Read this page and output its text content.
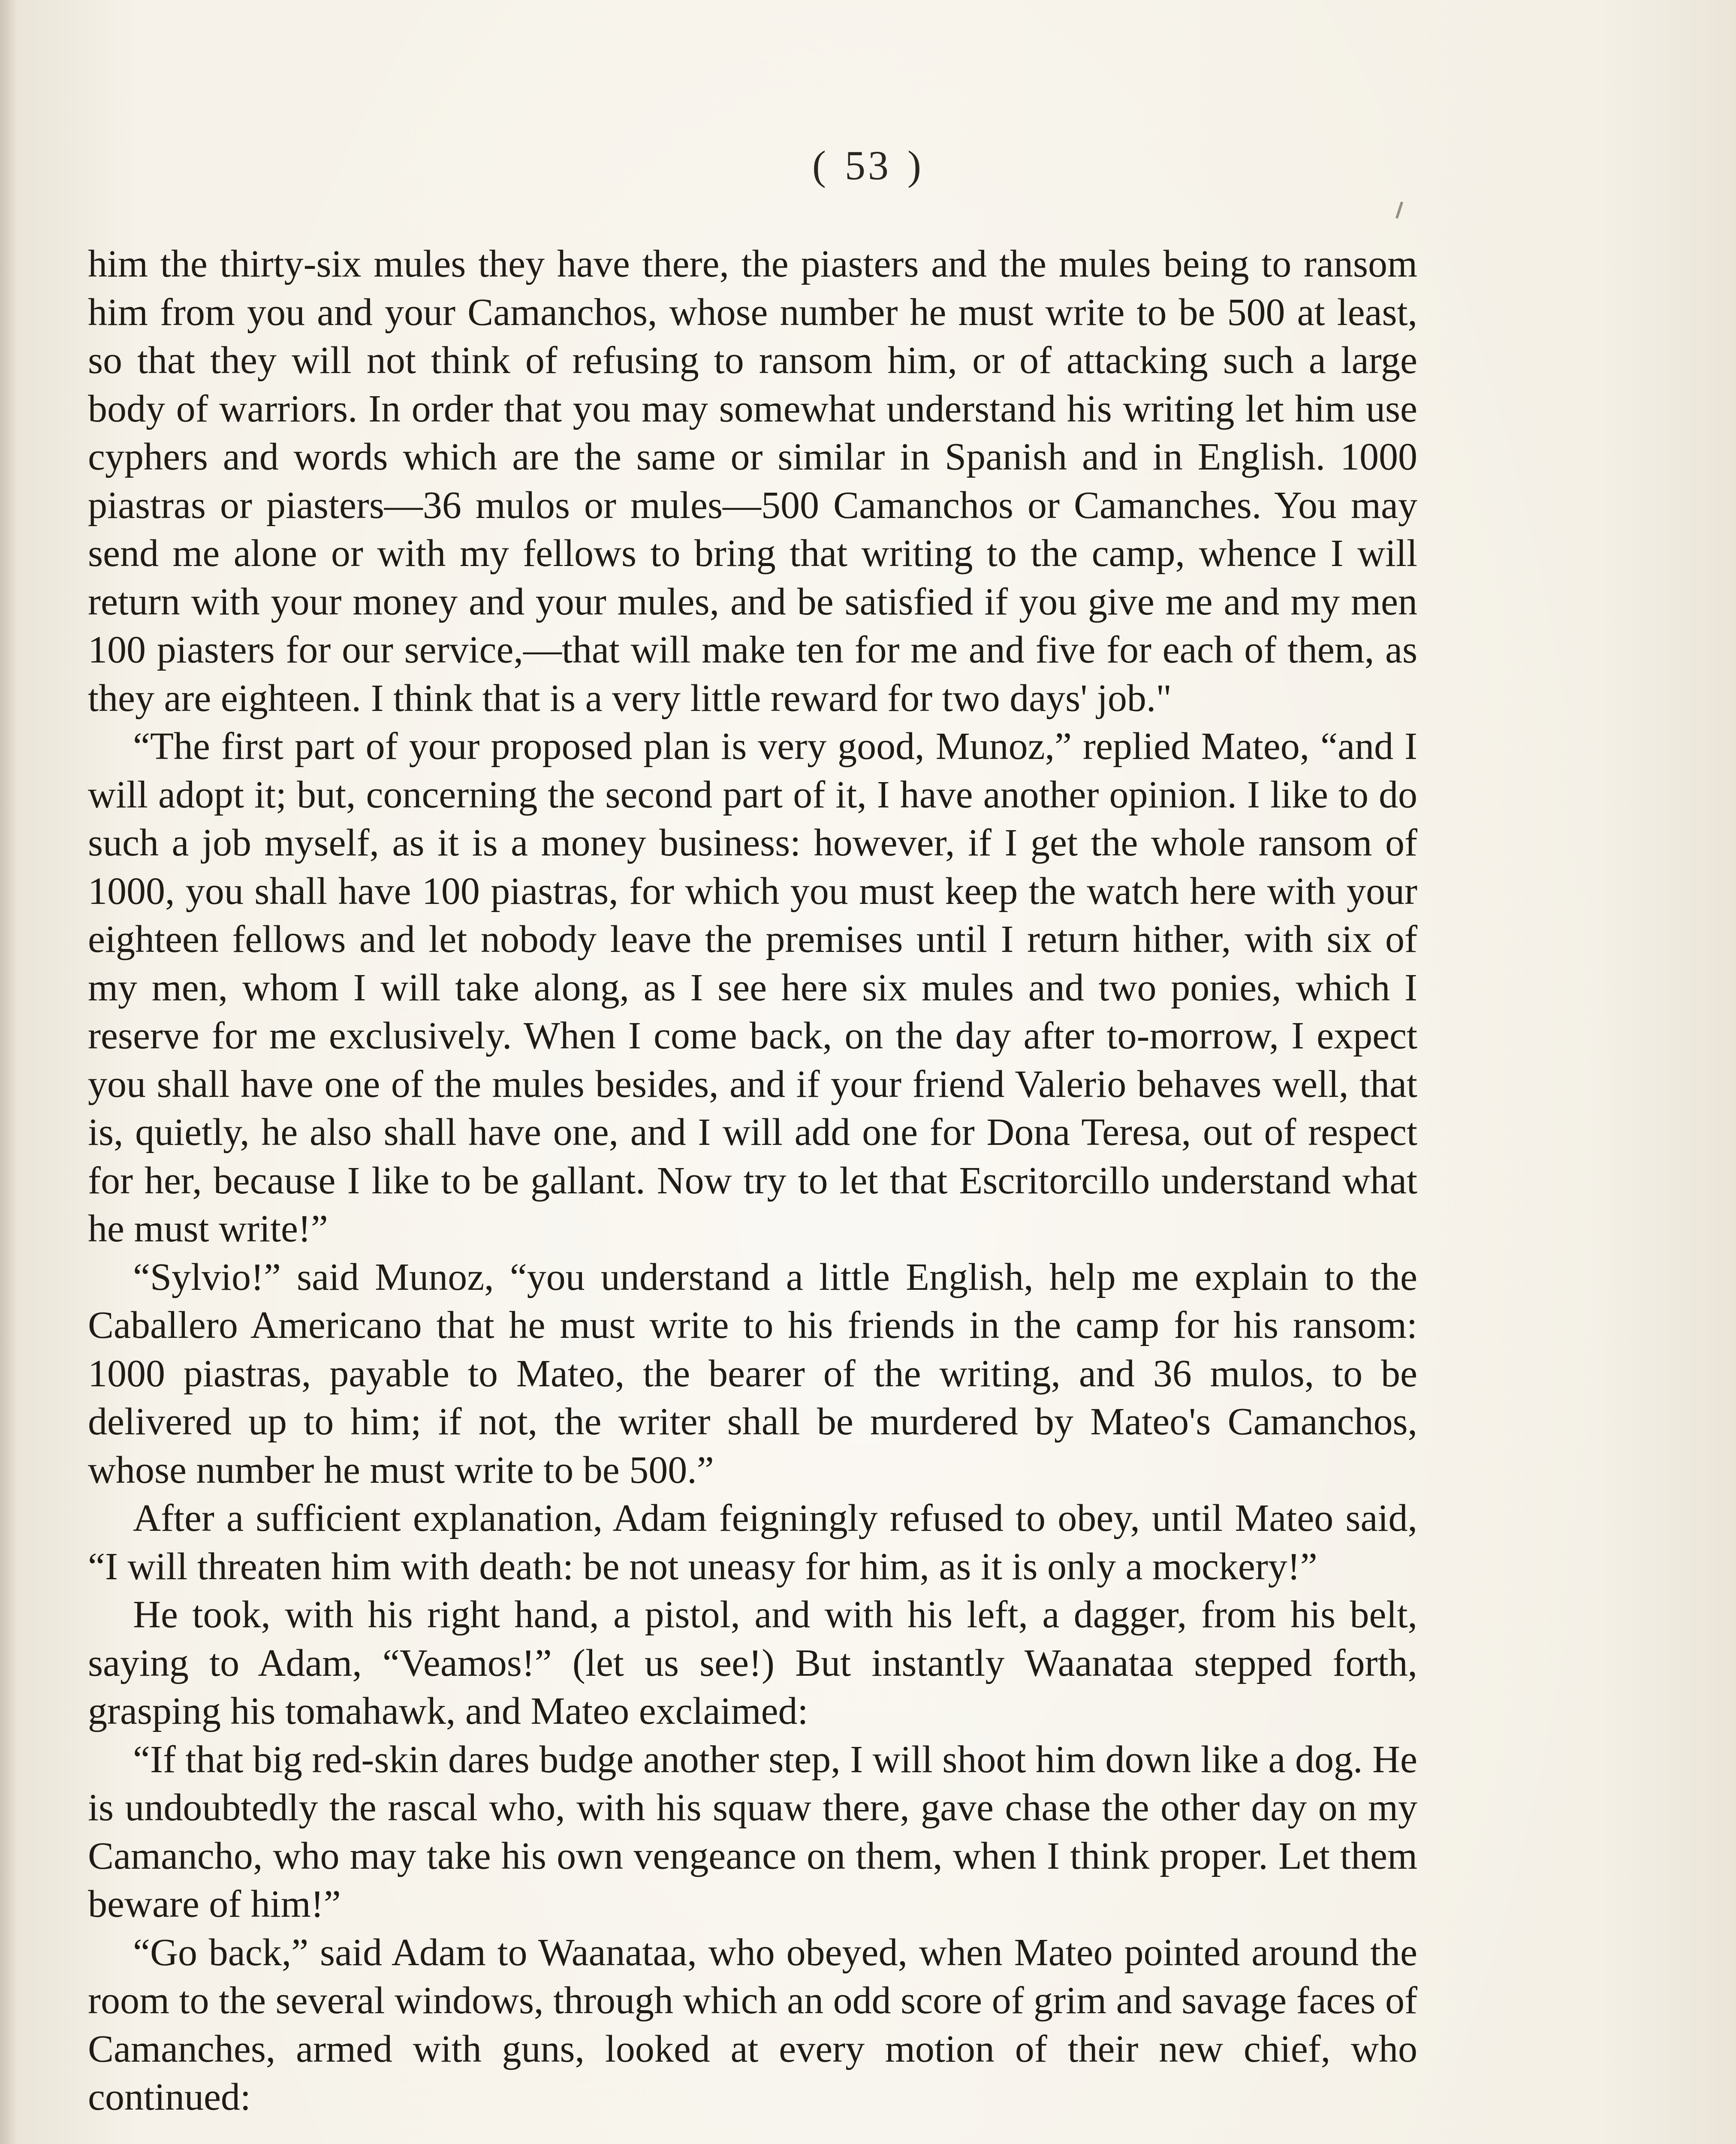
( 53 )

him the thirty-six mules they have there, the piasters and the mules being to ransom him from you and your Camanchos, whose number he must write to be 500 at least, so that they will not think of refusing to ransom him, or of attacking such a large body of warriors. In order that you may somewhat understand his writing let him use cyphers and words which are the same or similar in Spanish and in English. 1000 piastras or piasters—36 mulos or mules—500 Camanchos or Camanches. You may send me alone or with my fellows to bring that writing to the camp, whence I will return with your money and your mules, and be satisfied if you give me and my men 100 piasters for our service,—that will make ten for me and five for each of them, as they are eighteen. I think that is a very little reward for two days' job."

“The first part of your proposed plan is very good, Munoz,” replied Mateo, “and I will adopt it; but, concerning the second part of it, I have another opinion. I like to do such a job myself, as it is a money business: however, if I get the whole ransom of 1000, you shall have 100 piastras, for which you must keep the watch here with your eighteen fellows and let nobody leave the premises until I return hither, with six of my men, whom I will take along, as I see here six mules and two ponies, which I reserve for me exclusively. When I come back, on the day after to-morrow, I expect you shall have one of the mules besides, and if your friend Valerio behaves well, that is, quietly, he also shall have one, and I will add one for Dona Teresa, out of respect for her, because I like to be gallant. Now try to let that Escritorcillo understand what he must write!”

“Sylvio!” said Munoz, “you understand a little English, help me explain to the Caballero Americano that he must write to his friends in the camp for his ransom: 1000 piastras, payable to Mateo, the bearer of the writing, and 36 mulos, to be delivered up to him; if not, the writer shall be murdered by Mateo's Camanchos, whose number he must write to be 500.”

After a sufficient explanation, Adam feigningly refused to obey, until Mateo said, “I will threaten him with death: be not uneasy for him, as it is only a mockery!”

He took, with his right hand, a pistol, and with his left, a dagger, from his belt, saying to Adam, “Veamos!” (let us see!) But instantly Waanataa stepped forth, grasping his tomahawk, and Mateo exclaimed:

“If that big red-skin dares budge another step, I will shoot him down like a dog. He is undoubtedly the rascal who, with his squaw there, gave chase the other day on my Camancho, who may take his own vengeance on them, when I think proper. Let them beware of him!”

“Go back,” said Adam to Waanataa, who obeyed, when Mateo pointed around the room to the several windows, through which an odd score of grim and savage faces of Camanches, armed with guns, looked at every motion of their new chief, who continued:
